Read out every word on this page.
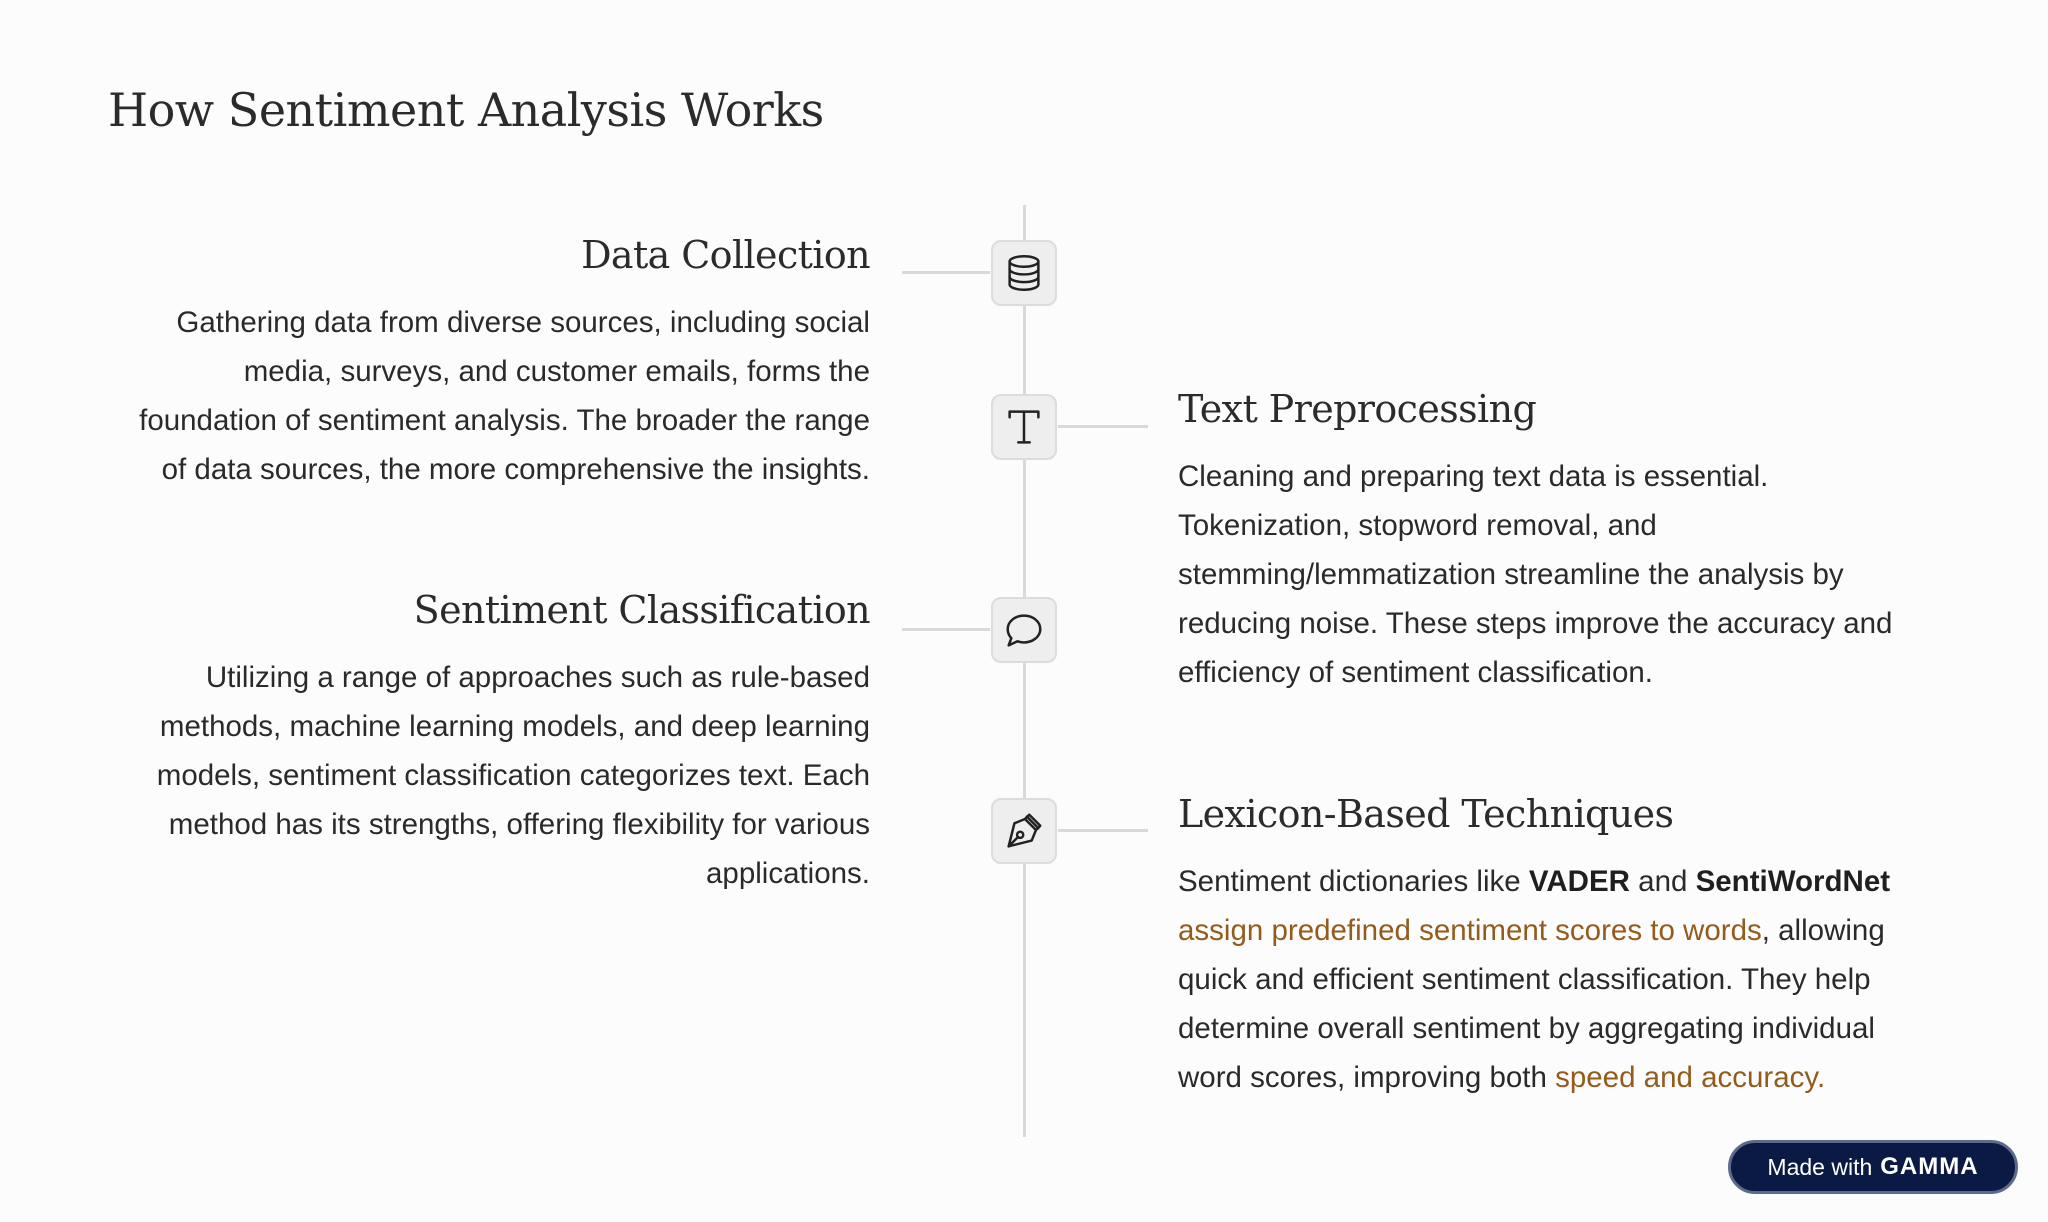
How Sentiment Analysis Works
Data Collection

Gathering data from diverse sources, including social media, surveys, and customer emails, forms the foundation of sentiment analysis. The broader the range of data sources, the more comprehensive the insights.

Text Preprocessing

Cleaning and preparing text data is essential. Tokenization, stopword removal, and stemming/lemmatization streamline the analysis by reducing noise. These steps improve the accuracy and efficiency of sentiment classification.

Sentiment Classification

Utilizing a range of approaches such as rule-based methods, machine learning models, and deep learning models, sentiment classification categorizes text. Each method has its strengths, offering flexibility for various applications.

Lexicon-Based Techniques

Sentiment dictionaries like VADER and SentiWordNet assign predefined sentiment scores to words, allowing quick and efficient sentiment classification. They help determine overall sentiment by aggregating individual word scores, improving both speed and accuracy.

Made with GAMMA
